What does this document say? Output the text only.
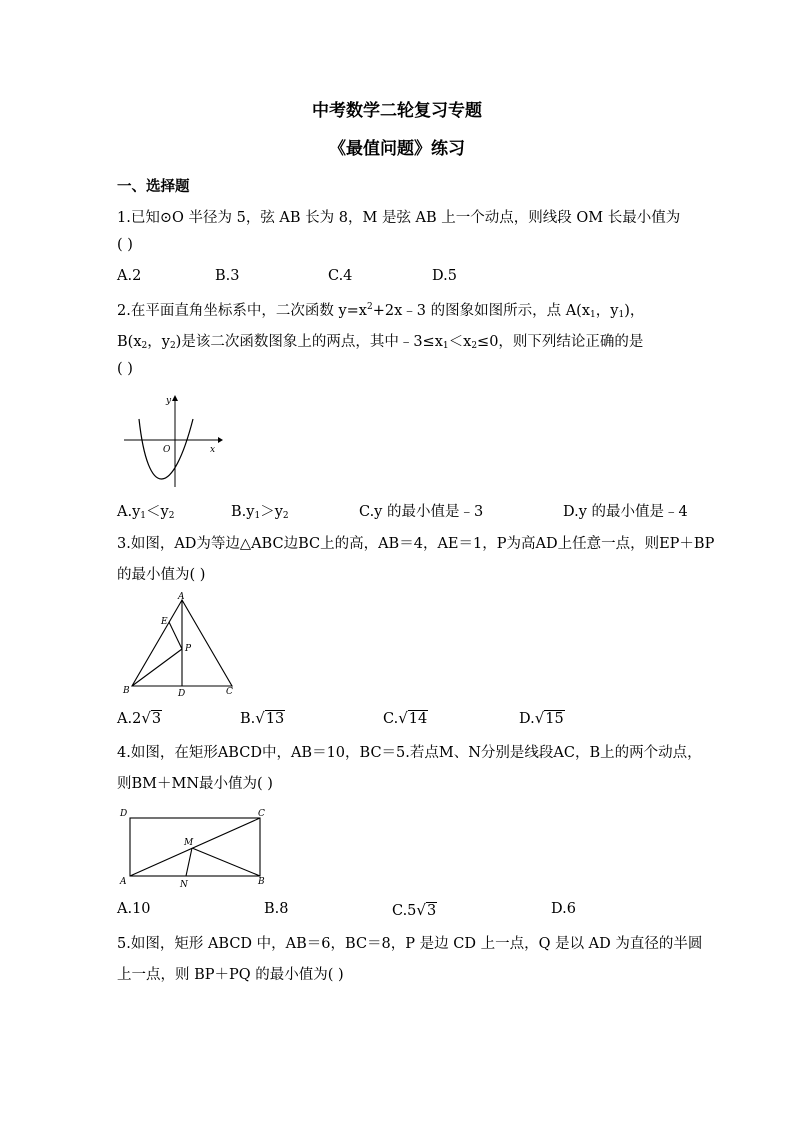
中考数学二轮复习专题
《最值问题》练习
一、选择题
1.已知⊙O 半径为 5，弦 AB 长为 8，M 是弦 AB 上一个动点，则线段 OM 长最小值为
( )
A.2	B.3	C.4	D.5
2.在平面直角坐标系中，二次函数 $y=x^2+2x﹣3$ 的图象如图所示，点 $A(x_1$，$y_1$)，
$B(x_2$，$y_2$)是该二次函数图象上的两点，其中$﹣3\le x_1<x_2\le 0$，则下列结论正确的是
( )
y
x
O
$A.y_1<y_2$	$B.y_1>y_2$	C.y 的最小值是﹣3	D.y 的最小值是﹣4
3.如图，AD为等边△ABC边BC上的高，AB＝4，AE＝1，P为高AD上任意一点，则EP＋BP
的最小值为( )
A
E
P
B	D	C
A.2√3	B.√13	C.√14	D.√15
4.如图，在矩形ABCD中，AB＝10，BC＝5.若点M、N分别是线段AC，B上的两个动点，
则BM＋MN最小值为( )
D	C
M
A	N	B
A.10	B.8	C.5√3	D.6
5.如图，矩形 ABCD 中，AB＝6，BC＝8，P 是边 CD 上一点，Q 是以 AD 为直径的半圆
上一点，则 BP＋PQ 的最小值为( )
